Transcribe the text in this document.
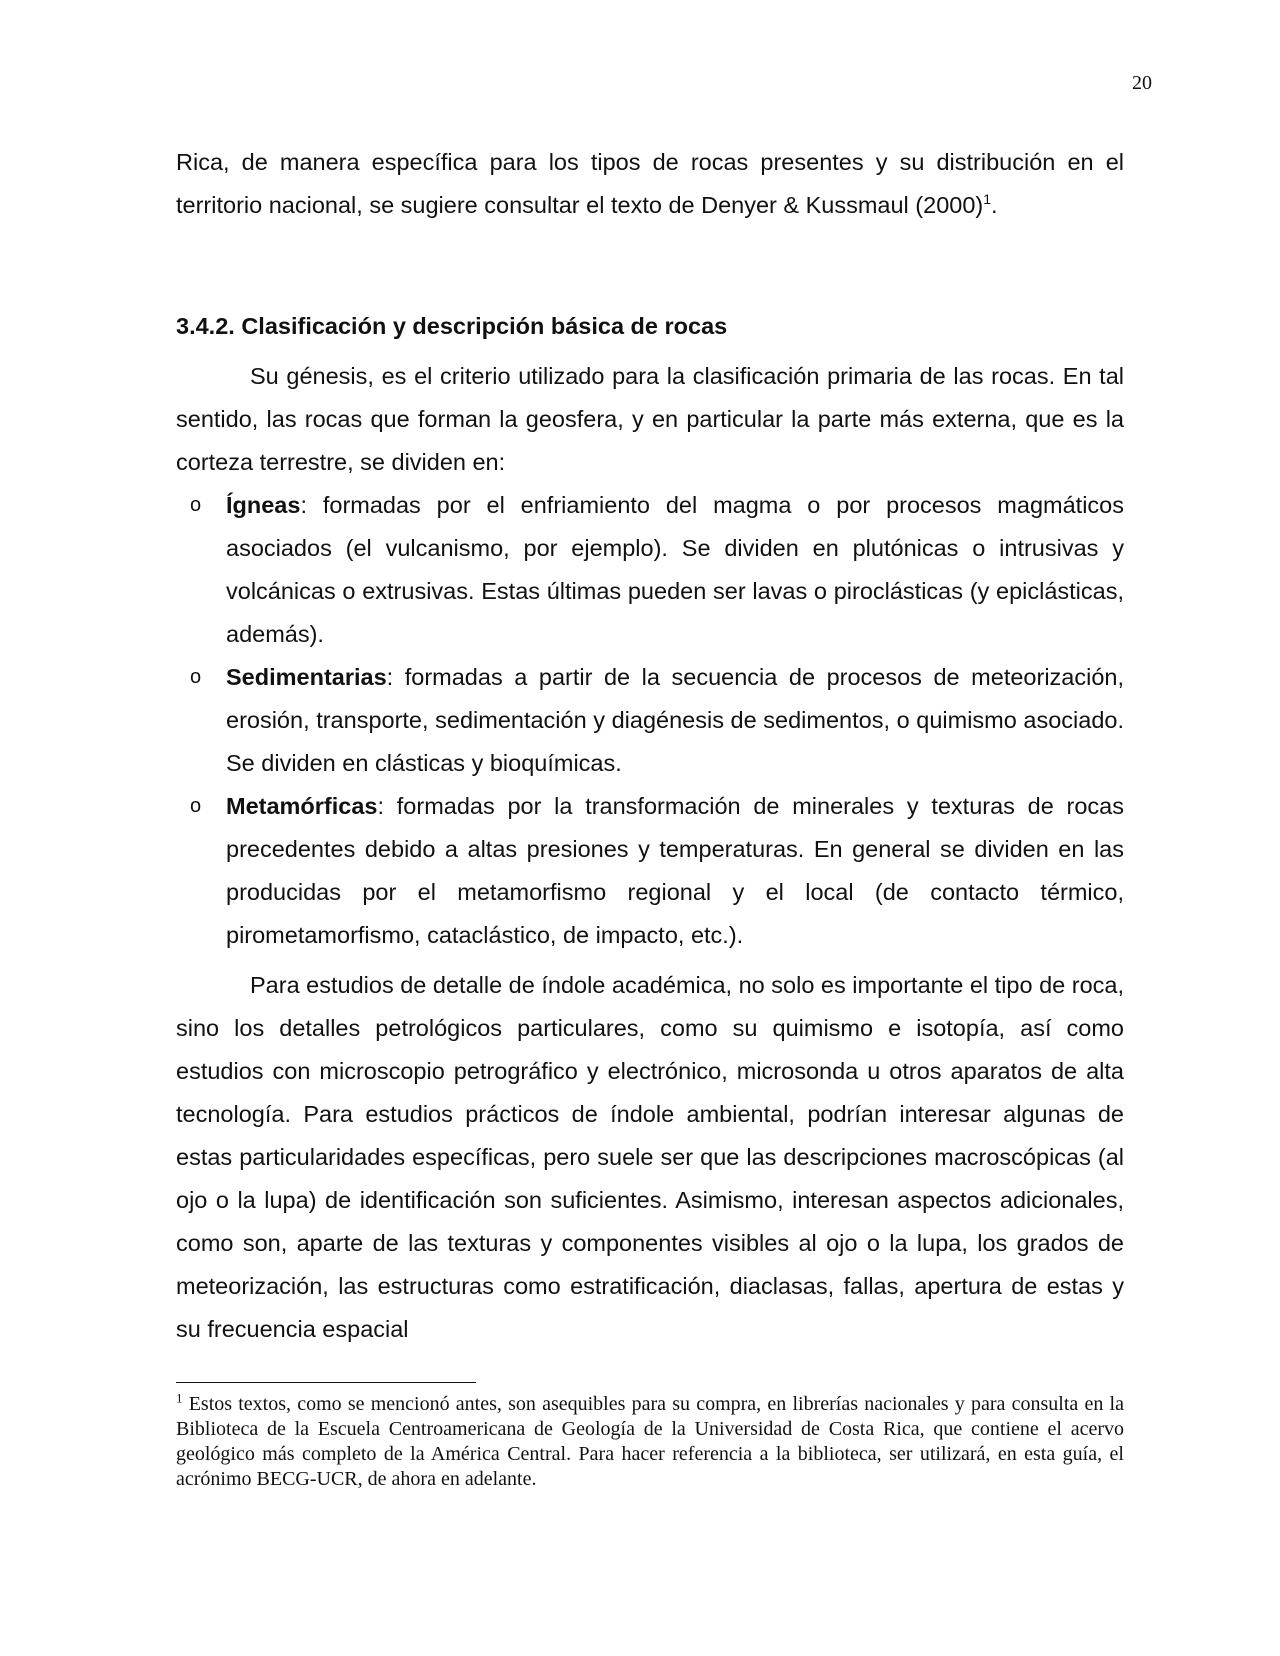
20

Rica, de manera específica para los tipos de rocas presentes y su distribución en el territorio nacional, se sugiere consultar el texto de Denyer & Kussmaul $(2000)^1$.

3.4.2. Clasificación y descripción básica de rocas

Su génesis, es el criterio utilizado para la clasificación primaria de las rocas. En tal sentido, las rocas que forman la geosfera, y en particular la parte más externa, que es la corteza terrestre, se dividen en:

o Ígneas: formadas por el enfriamiento del magma o por procesos magmáticos asociados (el vulcanismo, por ejemplo). Se dividen en plutónicas o intrusivas y volcánicas o extrusivas. Estas últimas pueden ser lavas o piroclásticas (y epiclásticas, además).
o Sedimentarias: formadas a partir de la secuencia de procesos de meteorización, erosión, transporte, sedimentación y diagénesis de sedimentos, o quimismo asociado. Se dividen en clásticas y bioquímicas.
o Metamórficas: formadas por la transformación de minerales y texturas de rocas precedentes debido a altas presiones y temperaturas. En general se dividen en las producidas por el metamorfismo regional y el local (de contacto térmico, pirometamorfismo, cataclástico, de impacto, etc.).

Para estudios de detalle de índole académica, no solo es importante el tipo de roca, sino los detalles petrológicos particulares, como su quimismo e isotopía, así como estudios con microscopio petrográfico y electrónico, microsonda u otros aparatos de alta tecnología. Para estudios prácticos de índole ambiental, podrían interesar algunas de estas particularidades específicas, pero suele ser que las descripciones macroscópicas (al ojo o la lupa) de identificación son suficientes. Asimismo, interesan aspectos adicionales, como son, aparte de las texturas y componentes visibles al ojo o la lupa, los grados de meteorización, las estructuras como estratificación, diaclasas, fallas, apertura de estas y su frecuencia espacial

$^1$ Estos textos, como se mencionó antes, son asequibles para su compra, en librerías nacionales y para consulta en la Biblioteca de la Escuela Centroamericana de Geología de la Universidad de Costa Rica, que contiene el acervo geológico más completo de la América Central. Para hacer referencia a la biblioteca, ser utilizará, en esta guía, el acrónimo BECG-UCR, de ahora en adelante.
